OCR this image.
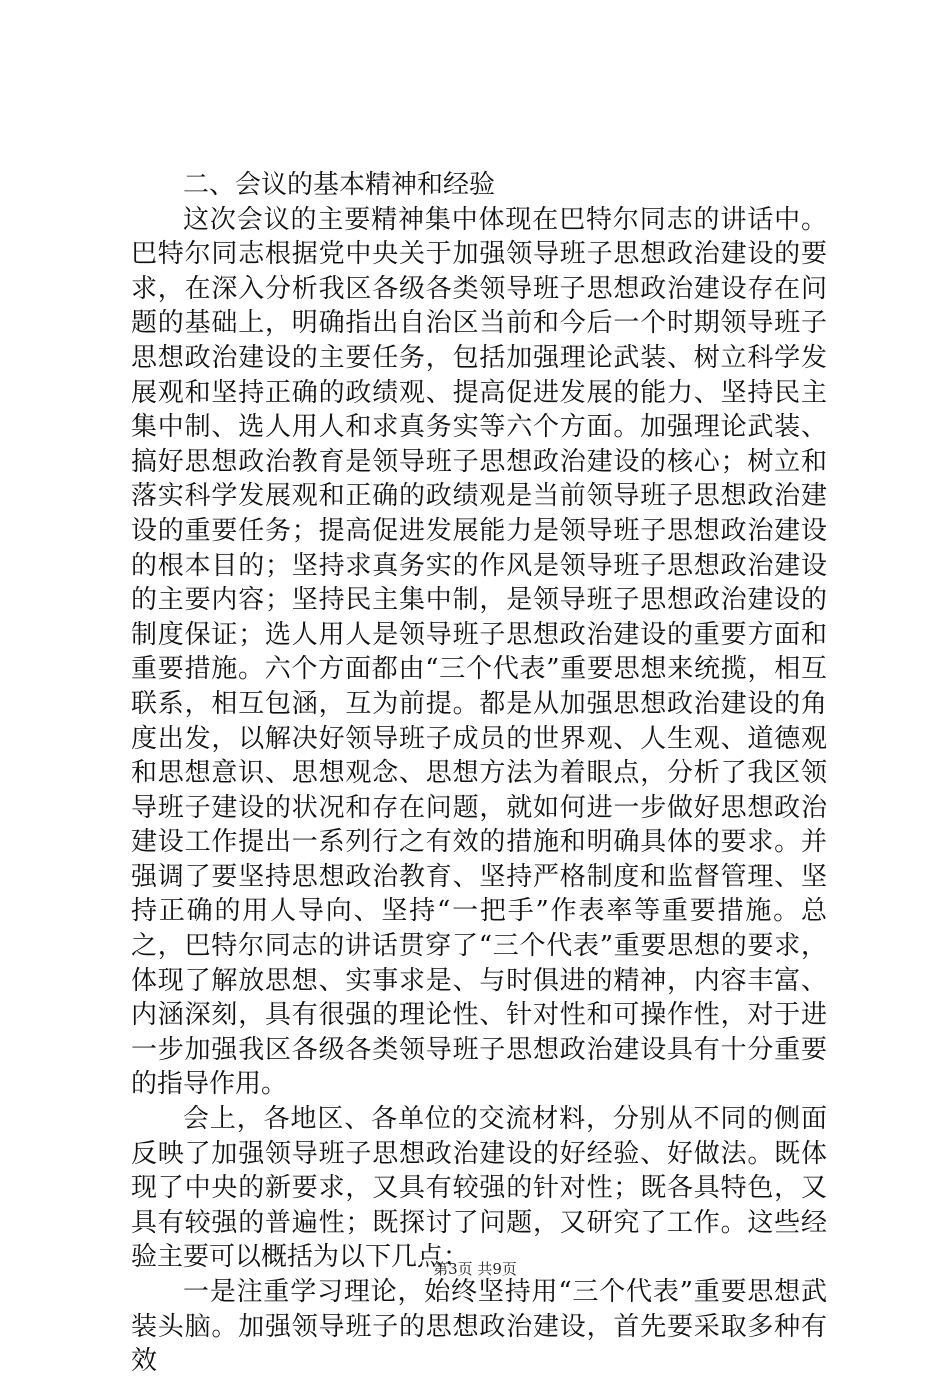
二、会议的基本精神和经验

这次会议的主要精神集中体现在巴特尔同志的讲话中。巴特尔同志根据党中央关于加强领导班子思想政治建设的要求，在深入分析我区各级各类领导班子思想政治建设存在问题的基础上，明确指出自治区当前和今后一个时期领导班子思想政治建设的主要任务，包括加强理论武装、树立科学发展观和坚持正确的政绩观、提高促进发展的能力、坚持民主集中制、选人用人和求真务实等六个方面。加强理论武装、搞好思想政治教育是领导班子思想政治建设的核心；树立和落实科学发展观和正确的政绩观是当前领导班子思想政治建设的重要任务；提高促进发展能力是领导班子思想政治建设的根本目的；坚持求真务实的作风是领导班子思想政治建设的主要内容；坚持民主集中制，是领导班子思想政治建设的制度保证；选人用人是领导班子思想政治建设的重要方面和重要措施。六个方面都由“三个代表”重要思想来统揽，相互联系，相互包涵，互为前提。都是从加强思想政治建设的角度出发，以解决好领导班子成员的世界观、人生观、道德观和思想意识、思想观念、思想方法为着眼点，分析了我区领导班子建设的状况和存在问题，就如何进一步做好思想政治建设工作提出一系列行之有效的措施和明确具体的要求。并强调了要坚持思想政治教育、坚持严格制度和监督管理、坚持正确的用人导向、坚持“一把手”作表率等重要措施。总之，巴特尔同志的讲话贯穿了“三个代表”重要思想的要求，体现了解放思想、实事求是、与时俱进的精神，内容丰富、内涵深刻，具有很强的理论性、针对性和可操作性，对于进一步加强我区各级各类领导班子思想政治建设具有十分重要的指导作用。

会上，各地区、各单位的交流材料，分别从不同的侧面反映了加强领导班子思想政治建设的好经验、好做法。既体现了中央的新要求，又具有较强的针对性；既各具特色，又具有较强的普遍性；既探讨了问题，又研究了工作。这些经验主要可以概括为以下几点：

一是注重学习理论，始终坚持用“三个代表”重要思想武装头脑。加强领导班子的思想政治建设，首先要采取多种有效

第3页 共9页
